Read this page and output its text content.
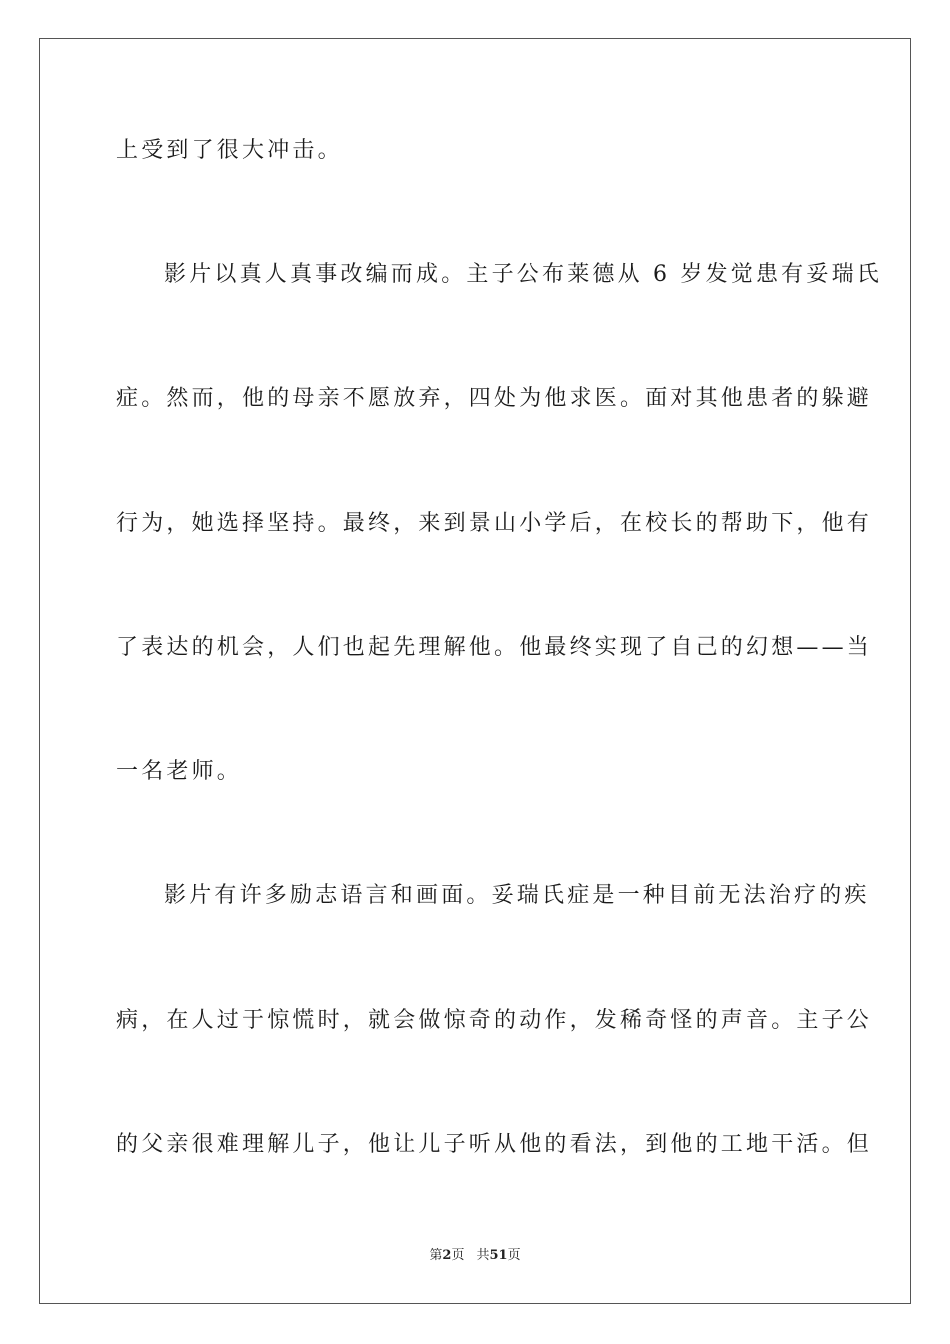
上受到了很大冲击。
影片以真人真事改编而成。主子公布莱德从 6 岁发觉患有妥瑞氏
症。然而，他的母亲不愿放弃，四处为他求医。面对其他患者的躲避
行为，她选择坚持。最终，来到景山小学后，在校长的帮助下，他有
了表达的机会，人们也起先理解他。他最终实现了自己的幻想——当
一名老师。
影片有许多励志语言和画面。妥瑞氏症是一种目前无法治疗的疾
病，在人过于惊慌时，就会做惊奇的动作，发稀奇怪的声音。主子公
的父亲很难理解儿子，他让儿子听从他的看法，到他的工地干活。但
第2页 共51页
